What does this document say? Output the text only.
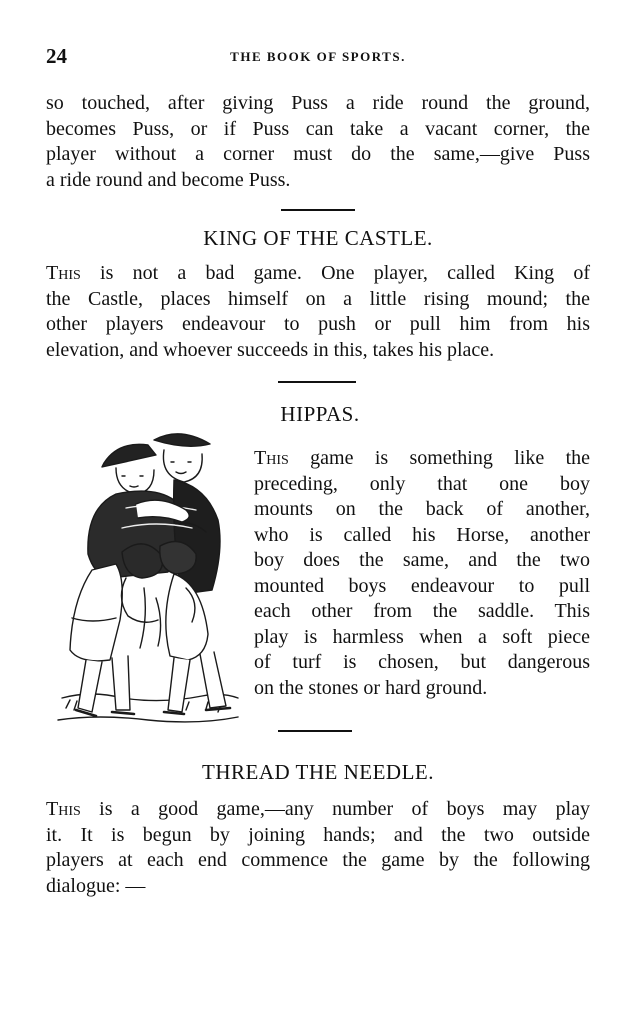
24	THE BOOK OF SPORTS.

so touched, after giving Puss a ride round the ground,
becomes Puss, or if Puss can take a vacant corner, the
player without a corner must do the same,—give Puss
a ride round and become Puss.

KING OF THE CASTLE.

This is not a bad game. One player, called King of
the Castle, places himself on a little rising mound; the
other players endeavour to push or pull him from his
elevation, and whoever succeeds in this, takes his place.

HIPPAS.

This game is something like the
preceding, only that one boy
mounts on the back of another,
who is called his Horse, another
boy does the same, and the two
mounted boys endeavour to pull
each other from the saddle. This
play is harmless when a soft piece
of turf is chosen, but dangerous
on the stones or hard ground.

THREAD THE NEEDLE.

This is a good game,—any number of boys may play
it. It is begun by joining hands; and the two outside
players at each end commence the game by the following
dialogue: —
